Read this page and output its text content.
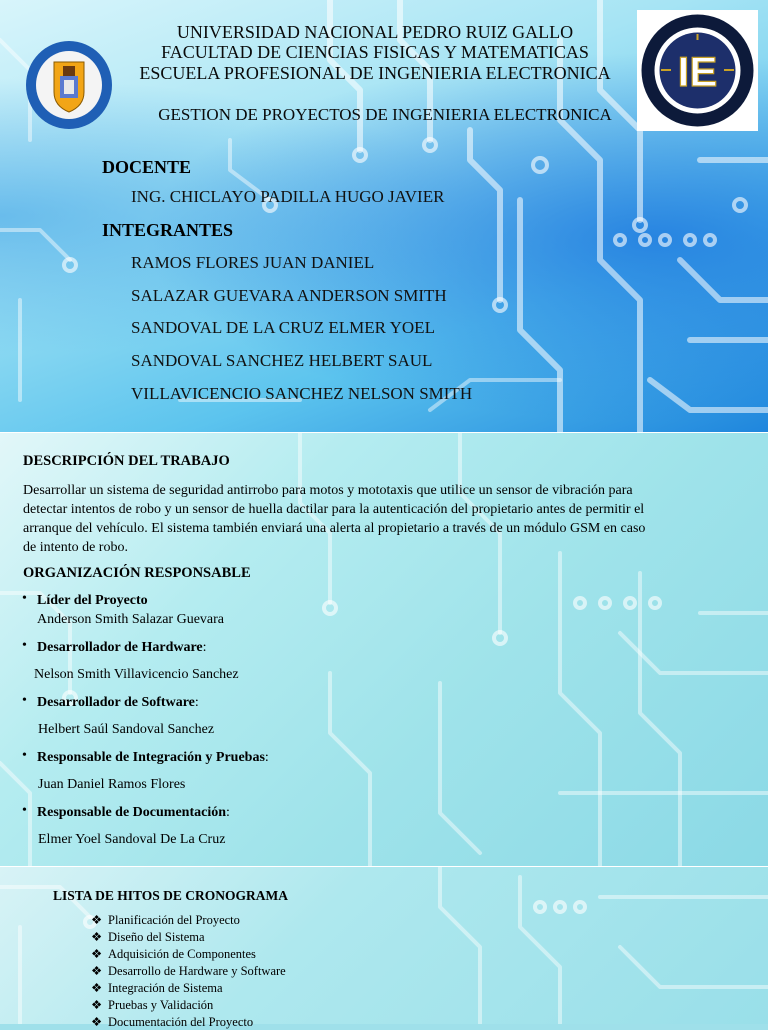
IE
UNIVERSIDAD NACIONAL PEDRO RUIZ GALLO
FACULTAD DE CIENCIAS FISICAS Y MATEMATICAS
ESCUELA PROFESIONAL DE INGENIERIA ELECTRONICA
GESTION DE PROYECTOS DE INGENIERIA ELECTRONICA
DOCENTE
ING. CHICLAYO PADILLA HUGO JAVIER
INTEGRANTES
RAMOS FLORES JUAN DANIEL
SALAZAR GUEVARA ANDERSON SMITH
SANDOVAL DE LA CRUZ ELMER YOEL
SANDOVAL SANCHEZ HELBERT SAUL
VILLAVICENCIO SANCHEZ NELSON SMITH
DESCRIPCIÓN DEL TRABAJO
Desarrollar un sistema de seguridad antirrobo para motos y mototaxis que utilice un sensor de vibración para
detectar intentos de robo y un sensor de huella dactilar para la autenticación del propietario antes de permitir el
arranque del vehículo. El sistema también enviará una alerta al propietario a través de un módulo GSM en caso
de intento de robo.
ORGANIZACIÓN RESPONSABLE
• Líder del Proyecto
Anderson Smith Salazar Guevara
• Desarrollador de Hardware:
Nelson Smith Villavicencio Sanchez
• Desarrollador de Software:
Helbert Saúl Sandoval Sanchez
• Responsable de Integración y Pruebas:
Juan Daniel Ramos Flores
• Responsable de Documentación:
Elmer Yoel Sandoval De La Cruz
LISTA DE HITOS DE CRONOGRAMA
❖ Planificación del Proyecto
❖ Diseño del Sistema
❖ Adquisición de Componentes
❖ Desarrollo de Hardware y Software
❖ Integración de Sistema
❖ Pruebas y Validación
❖ Documentación del Proyecto
